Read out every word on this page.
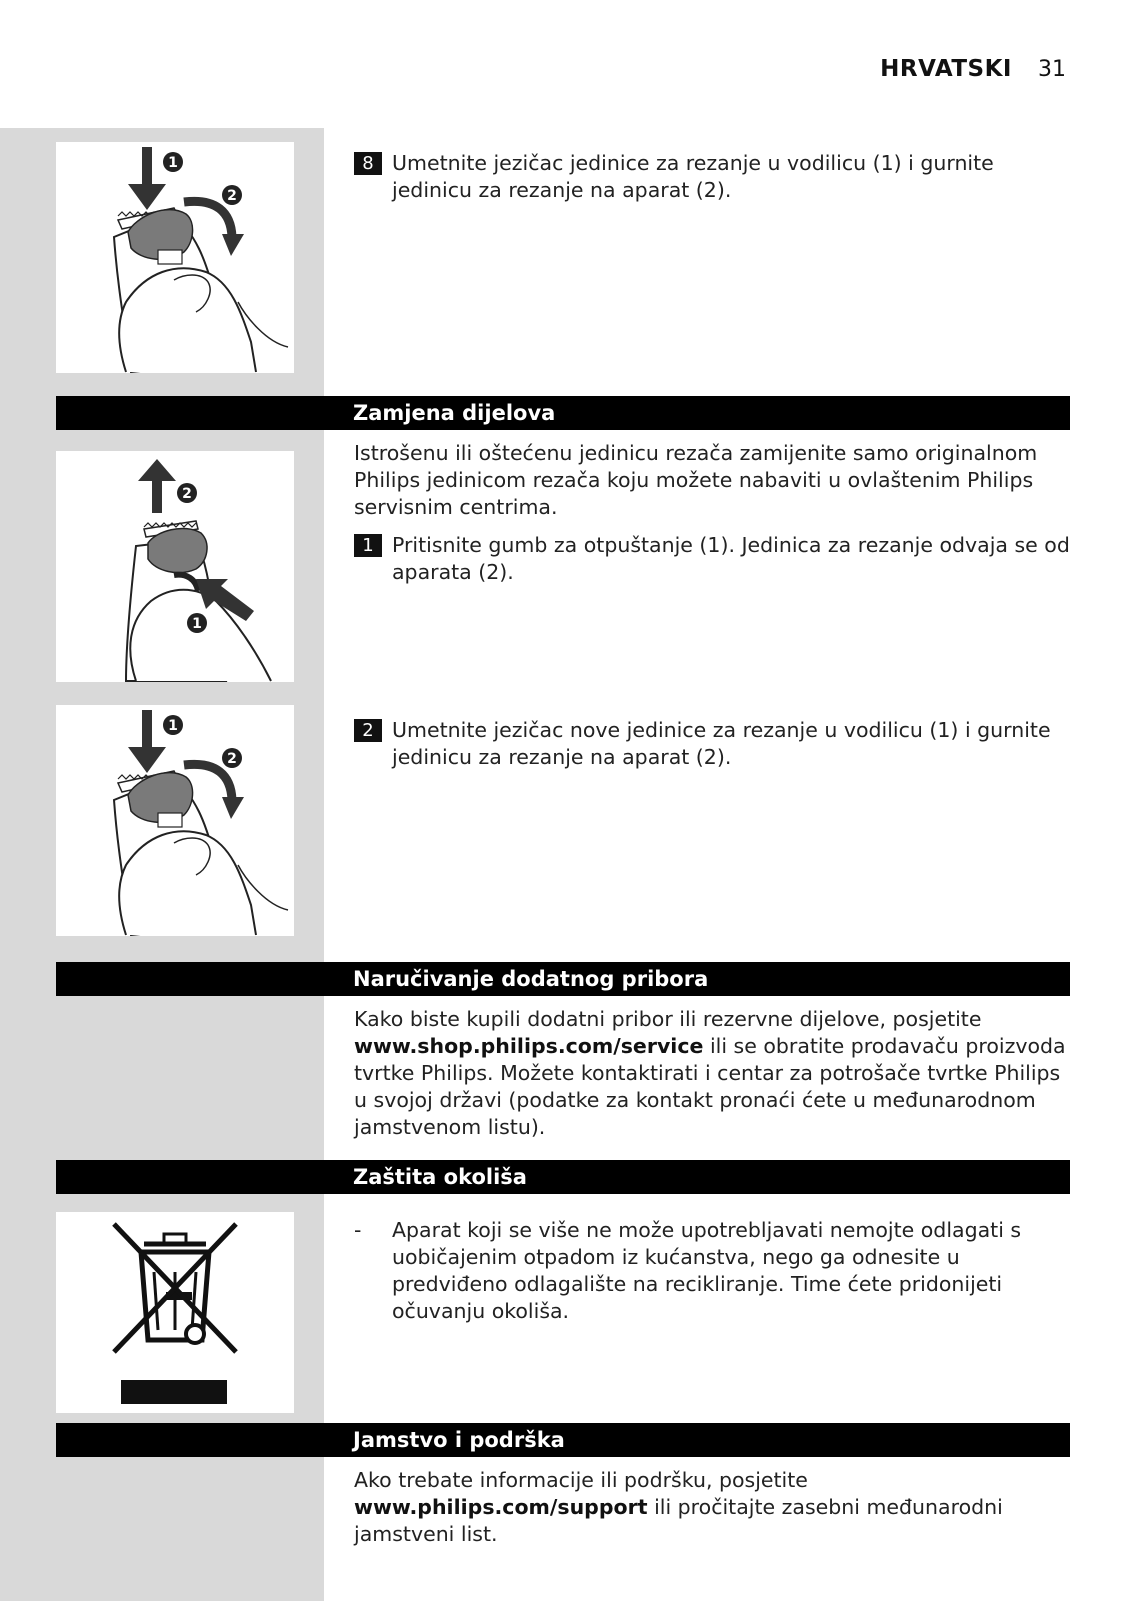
HRVATSKI 31
1
2
8 Umetnite jezičac jedinice za rezanje u vodilicu (1) i gurnite jedinicu za rezanje na aparat (2).
Zamjena dijelova
Istrošenu ili oštećenu jedinicu rezača zamijenite samo originalnom Philips jedinicom rezača koju možete nabaviti u ovlaštenim Philips servisnim centrima.
2
1
1 Pritisnite gumb za otpuštanje (1). Jedinica za rezanje odvaja se od aparata (2).
1
2
2 Umetnite jezičac nove jedinice za rezanje u vodilicu (1) i gurnite jedinicu za rezanje na aparat (2).
Naručivanje dodatnog pribora
Kako biste kupili dodatni pribor ili rezervne dijelove, posjetite www.shop.philips.com/service ili se obratite prodavaču proizvoda tvrtke Philips. Možete kontaktirati i centar za potrošače tvrtke Philips u svojoj državi (podatke za kontakt pronaći ćete u međunarodnom jamstvenom listu).
Zaštita okoliša
- Aparat koji se više ne može upotrebljavati nemojte odlagati s uobičajenim otpadom iz kućanstva, nego ga odnesite u predviđeno odlagalište na recikliranje. Time ćete pridonijeti očuvanju okoliša.
Jamstvo i podrška
Ako trebate informacije ili podršku, posjetite www.philips.com/support ili pročitajte zasebni međunarodni jamstveni list.
